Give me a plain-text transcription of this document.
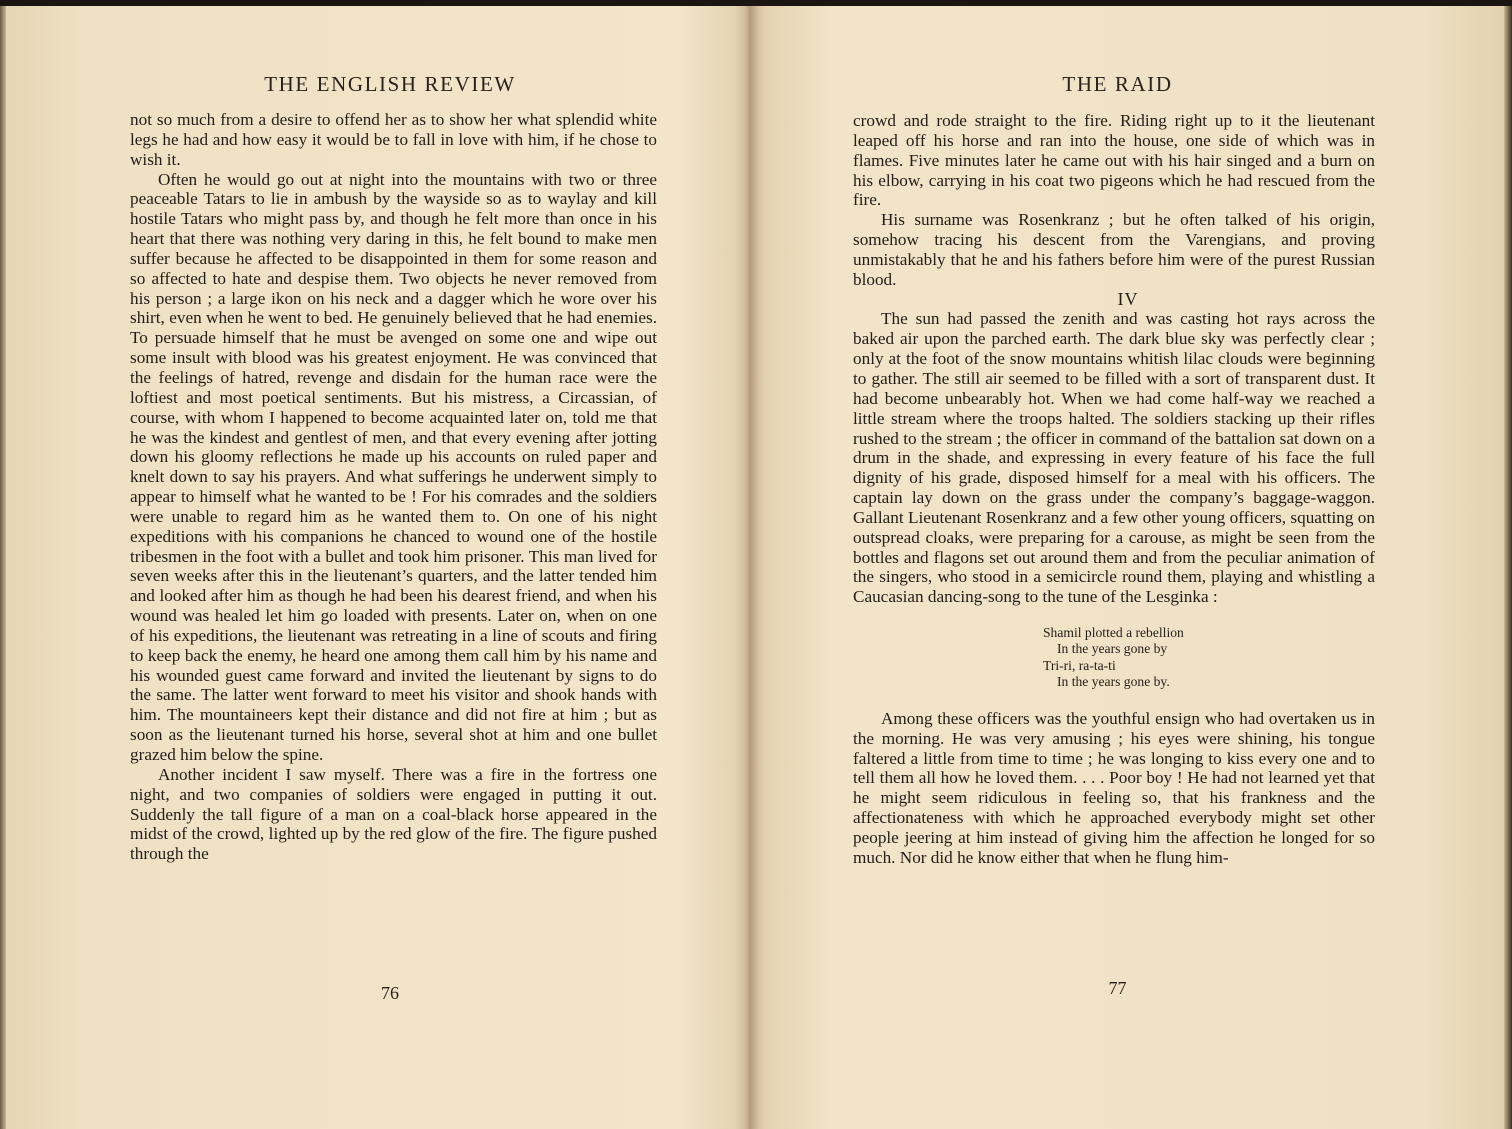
THE ENGLISH REVIEW

not so much from a desire to offend her as to show her what splendid white legs he had and how easy it would be to fall in love with him, if he chose to wish it.

Often he would go out at night into the mountains with two or three peaceable Tatars to lie in ambush by the wayside so as to waylay and kill hostile Tatars who might pass by, and though he felt more than once in his heart that there was nothing very daring in this, he felt bound to make men suffer because he affected to be disappointed in them for some reason and so affected to hate and despise them. Two objects he never removed from his person ; a large ikon on his neck and a dagger which he wore over his shirt, even when he went to bed. He genuinely believed that he had enemies. To persuade himself that he must be avenged on some one and wipe out some insult with blood was his greatest enjoyment. He was convinced that the feelings of hatred, revenge and disdain for the human race were the loftiest and most poetical sentiments. But his mistress, a Circassian, of course, with whom I happened to become acquainted later on, told me that he was the kindest and gentlest of men, and that every evening after jotting down his gloomy reflections he made up his accounts on ruled paper and knelt down to say his prayers. And what sufferings he underwent simply to appear to himself what he wanted to be ! For his comrades and the soldiers were unable to regard him as he wanted them to. On one of his night expeditions with his companions he chanced to wound one of the hostile tribesmen in the foot with a bullet and took him prisoner. This man lived for seven weeks after this in the lieutenant’s quarters, and the latter tended him and looked after him as though he had been his dearest friend, and when his wound was healed let him go loaded with presents. Later on, when on one of his expeditions, the lieutenant was retreating in a line of scouts and firing to keep back the enemy, he heard one among them call him by his name and his wounded guest came forward and invited the lieutenant by signs to do the same. The latter went forward to meet his visitor and shook hands with him. The mountaineers kept their distance and did not fire at him ; but as soon as the lieutenant turned his horse, several shot at him and one bullet grazed him below the spine.

Another incident I saw myself. There was a fire in the fortress one night, and two companies of soldiers were engaged in putting it out. Suddenly the tall figure of a man on a coal-black horse appeared in the midst of the crowd, lighted up by the red glow of the fire. The figure pushed through the

76
THE RAID

crowd and rode straight to the fire. Riding right up to it the lieutenant leaped off his horse and ran into the house, one side of which was in flames. Five minutes later he came out with his hair singed and a burn on his elbow, carrying in his coat two pigeons which he had rescued from the fire.

His surname was Rosenkranz ; but he often talked of his origin, somehow tracing his descent from the Varengians, and proving unmistakably that he and his fathers before him were of the purest Russian blood.

IV

The sun had passed the zenith and was casting hot rays across the baked air upon the parched earth. The dark blue sky was perfectly clear ; only at the foot of the snow mountains whitish lilac clouds were beginning to gather. The still air seemed to be filled with a sort of transparent dust. It had become unbearably hot. When we had come half-way we reached a little stream where the troops halted. The soldiers stacking up their rifles rushed to the stream ; the officer in command of the battalion sat down on a drum in the shade, and expressing in every feature of his face the full dignity of his grade, disposed himself for a meal with his officers. The captain lay down on the grass under the company’s baggage-waggon. Gallant Lieutenant Rosenkranz and a few other young officers, squatting on outspread cloaks, were preparing for a carouse, as might be seen from the bottles and flagons set out around them and from the peculiar animation of the singers, who stood in a semicircle round them, playing and whistling a Caucasian dancing-song to the tune of the Lesginka :

Shamil plotted a rebellion
In the years gone by
Tri-ri, ra-ta-ti
In the years gone by.

Among these officers was the youthful ensign who had overtaken us in the morning. He was very amusing ; his eyes were shining, his tongue faltered a little from time to time ; he was longing to kiss every one and to tell them all how he loved them. . . . Poor boy ! He had not learned yet that he might seem ridiculous in feeling so, that his frankness and the affectionateness with which he approached everybody might set other people jeering at him instead of giving him the affection he longed for so much. Nor did he know either that when he flung him-

77
